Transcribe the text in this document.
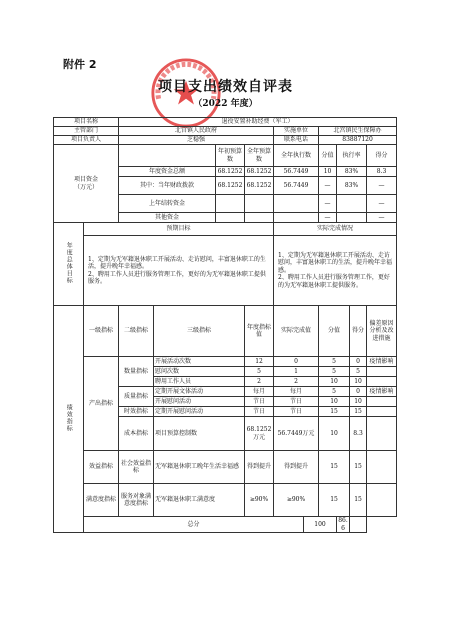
附件 2
项目支出绩效自评表
（2022 年度）
项目名称		退役安置补助经费（军工）									
主管部门		北宫镇人民政府				实施单位		北宫镇民生保障办			
项目负责人		芝稳强				联系电话		83887120			
项目资金
（万元）				年初预算数	全年预算数	全年执行数		分值	执行率		得分
		年度资金总额		68.1252	68.1252	56.7449		10	83%		8.3
		其中：当年财政拨款		68.1252	68.1252	56.7449		—	83%		—
		上年结转资金						—			—
		其他资金						—			—
年度总体目标	预期目标					实际完成情况					
	1、定期为无军籍退休职工开展活动、走访慰问，丰富退休职工的生活，提升晚年幸福感。
2、聘用工作人员进行服务管理工作，更好的为无军籍退休职工提供服务。					1、定期为无军籍退休职工开展活动、走访慰问，丰富退休职工的生活，提升晚年幸福感。
2、聘用工作人员进行服务管理工作，更好的为无军籍退休职工提供服务。					
绩效指标	一级指标	二级指标	三级指标		年度指标值	实际完成值		分值		得分	偏差原因分析及改进措施
	产出指标	数量指标	开展活动次数		12	0		5		0	疫情影响
			慰问次数		5	1		5		5	
			聘用工作人员		2	2		10		10	
		质量指标	定期开展文体活动		每月	每月		5		0	疫情影响
			开展慰问活动		节日	节日		10		10	
		时效指标	定期开展慰问活动		节日	节日		15		15	
		成本指标	项目预算控制数		68.1252万元	56.7449万元		10		8.3	
	效益指标	社会效益指标	无军籍退休职工晚年生活幸福感		得到提升	得到提升		15		15	
	满意度指标	服务对象满意度指标	无军籍退休职工满意度		≥90%	≥90%		15		15	
	总分						100		86.6		
